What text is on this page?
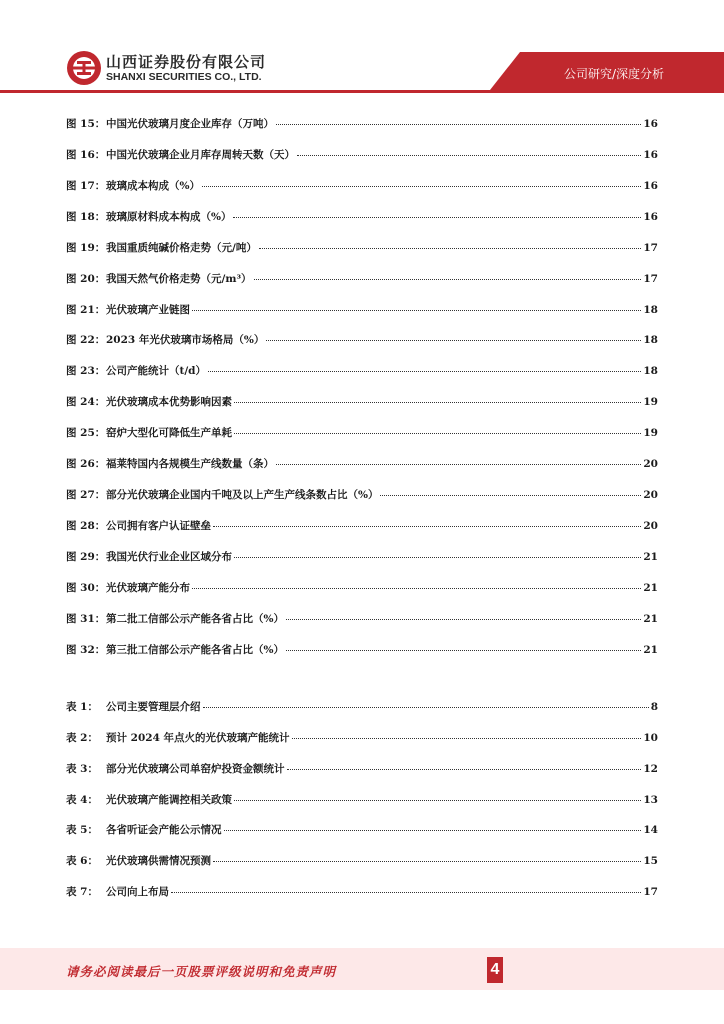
山西证券股份有限公司
SHANXI SECURITIES CO., LTD.	公司研究/深度分析
图 15： 中国光伏玻璃月度企业库存（万吨）	16
图 16： 中国光伏玻璃企业月库存周转天数（天）	16
图 17： 玻璃成本构成（%）	16
图 18： 玻璃原材料成本构成（%）	16
图 19： 我国重质纯碱价格走势（元/吨）	17
图 20： 我国天然气价格走势（元/m³）	17
图 21： 光伏玻璃产业链图	18
图 22： 2023 年光伏玻璃市场格局（%）	18
图 23： 公司产能统计（t/d）	18
图 24： 光伏玻璃成本优势影响因素	19
图 25： 窑炉大型化可降低生产单耗	19
图 26： 福莱特国内各规模生产线数量（条）	20
图 27： 部分光伏玻璃企业国内千吨及以上产生产线条数占比（%）	20
图 28： 公司拥有客户认证壁垒	20
图 29： 我国光伏行业企业区域分布	21
图 30： 光伏玻璃产能分布	21
图 31： 第二批工信部公示产能各省占比（%）	21
图 32： 第三批工信部公示产能各省占比（%）	21
表 1： 公司主要管理层介绍	8
表 2： 预计 2024 年点火的光伏玻璃产能统计	10
表 3： 部分光伏玻璃公司单窑炉投资金额统计	12
表 4： 光伏玻璃产能调控相关政策	13
表 5： 各省听证会产能公示情况	14
表 6： 光伏玻璃供需情况预测	15
表 7： 公司向上布局	17
请务必阅读最后一页股票评级说明和免责声明	4
